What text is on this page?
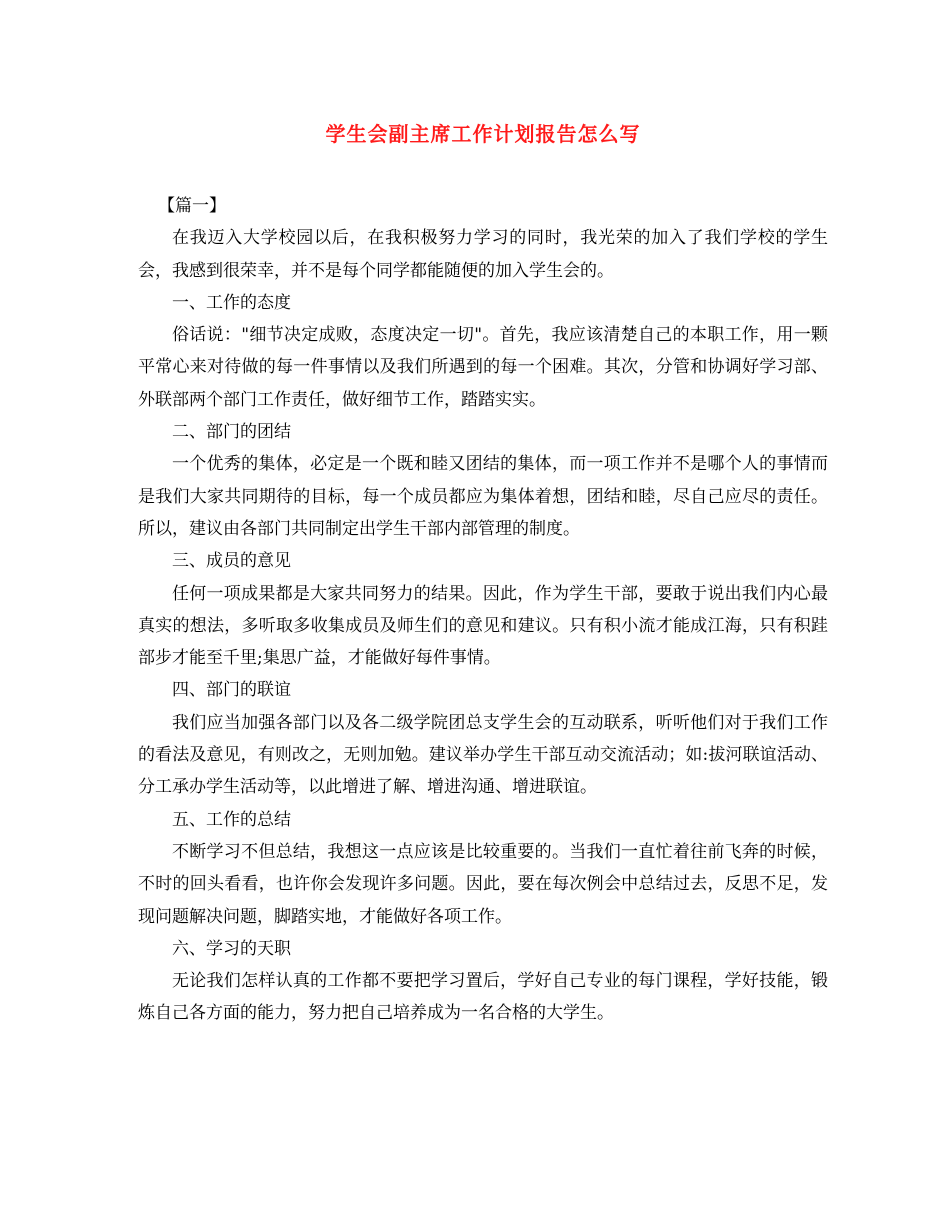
学生会副主席工作计划报告怎么写

【篇一】

在我迈入大学校园以后，在我积极努力学习的同时，我光荣的加入了我们学校的学生会，我感到很荣幸，并不是每个同学都能随便的加入学生会的。

一、工作的态度

俗话说："细节决定成败，态度决定一切"。首先，我应该清楚自己的本职工作，用一颗平常心来对待做的每一件事情以及我们所遇到的每一个困难。其次，分管和协调好学习部、外联部两个部门工作责任，做好细节工作，踏踏实实。

二、部门的团结

一个优秀的集体，必定是一个既和睦又团结的集体，而一项工作并不是哪个人的事情而是我们大家共同期待的目标，每一个成员都应为集体着想，团结和睦，尽自己应尽的责任。所以，建议由各部门共同制定出学生干部内部管理的制度。

三、成员的意见

任何一项成果都是大家共同努力的结果。因此，作为学生干部，要敢于说出我们内心最真实的想法，多听取多收集成员及师生们的意见和建议。只有积小流才能成江海，只有积跬部步才能至千里;集思广益，才能做好每件事情。

四、部门的联谊

我们应当加强各部门以及各二级学院团总支学生会的互动联系，听听他们对于我们工作的看法及意见，有则改之，无则加勉。建议举办学生干部互动交流活动；如:拔河联谊活动、分工承办学生活动等，以此增进了解、增进沟通、增进联谊。

五、工作的总结

不断学习不但总结，我想这一点应该是比较重要的。当我们一直忙着往前飞奔的时候，不时的回头看看，也许你会发现许多问题。因此，要在每次例会中总结过去，反思不足，发现问题解决问题，脚踏实地，才能做好各项工作。

六、学习的天职

无论我们怎样认真的工作都不要把学习置后，学好自己专业的每门课程，学好技能，锻炼自己各方面的能力，努力把自己培养成为一名合格的大学生。
